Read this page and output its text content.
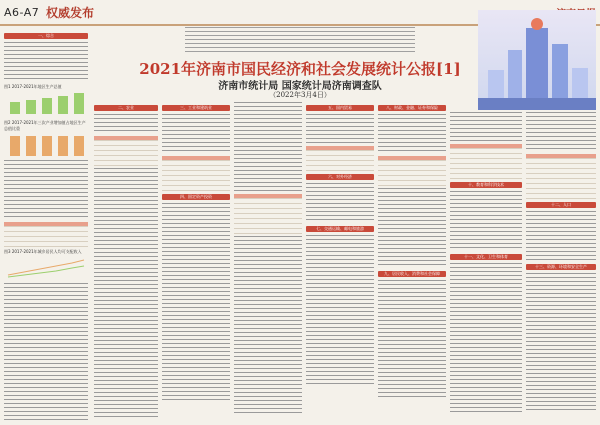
A6-A7 权威发布
一、综合
图1 2017-2021年地区生产总值
图2 2017-2021年三次产业增加值占地区生产总值比重

图3 2017-2021年城乡居民人均可支配收入
2021年济南市国民经济和社会发展统计公报[1]
济南市统计局 国家统计局济南调查队
（2022年3月4日）
二、农业

			三、工业和建筑业

四、固定资产投资

五、国内贸易

六、对外经济
七、交通运输、邮电和旅游
八、财政、金融、证券和保险

九、居民收入、消费和社会保障

十、教育和科学技术
十一、文化、卫生和体育

十二、人口
十三、资源、环境和安全生产
